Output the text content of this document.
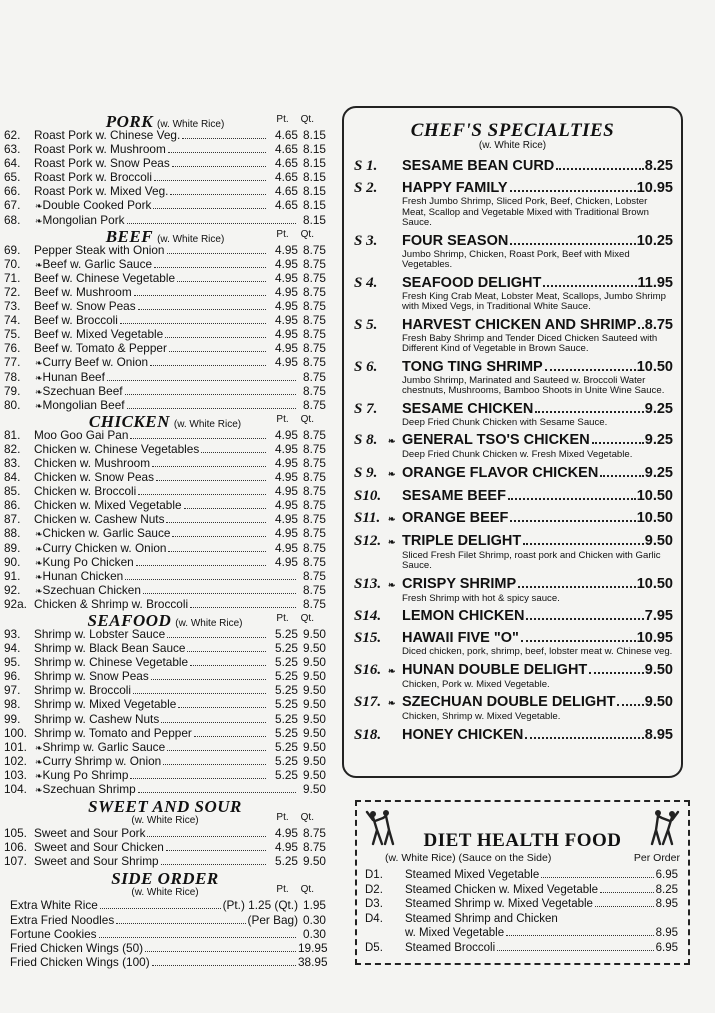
PORK (w. White Rice)	Pt. Qt.
62.	Roast Pork w. Chinese Veg.	4.65 8.15
63.	Roast Pork w. Mushroom	4.65 8.15
64.	Roast Pork w. Snow Peas	4.65 8.15
65.	Roast Pork w. Broccoli	4.65 8.15
66.	Roast Pork w. Mixed Veg.	4.65 8.15
67.	❧ Double Cooked Pork	4.65 8.15
68.	❧ Mongolian Pork	8.15
BEEF (w. White Rice)	Pt. Qt.
69.	Pepper Steak with Onion	4.95 8.75
70.	❧ Beef w. Garlic Sauce	4.95 8.75
71.	Beef w. Chinese Vegetable	4.95 8.75
72.	Beef w. Mushroom	4.95 8.75
73.	Beef w. Snow Peas	4.95 8.75
74.	Beef w. Broccoli	4.95 8.75
75.	Beef w. Mixed Vegetable	4.95 8.75
76.	Beef w. Tomato & Pepper	4.95 8.75
77.	❧ Curry Beef w. Onion	4.95 8.75
78.	❧ Hunan Beef	8.75
79.	❧ Szechuan Beef	8.75
80.	❧ Mongolian Beef	8.75
CHICKEN (w. White Rice)	Pt. Qt.
81.	Moo Goo Gai Pan	4.95 8.75
82.	Chicken w. Chinese Vegetables	4.95 8.75
83.	Chicken w. Mushroom	4.95 8.75
84.	Chicken w. Snow Peas	4.95 8.75
85.	Chicken w. Broccoli	4.95 8.75
86.	Chicken w. Mixed Vegetable	4.95 8.75
87.	Chicken w. Cashew Nuts	4.95 8.75
88.	❧ Chicken w. Garlic Sauce	4.95 8.75
89.	❧ Curry Chicken w. Onion	4.95 8.75
90.	❧ Kung Po Chicken	4.95 8.75
91.	❧ Hunan Chicken	8.75
92.	❧ Szechuan Chicken	8.75
92a. Chicken & Shrimp w. Broccoli	8.75
SEAFOOD (w. White Rice)	Pt. Qt.
93.	Shrimp w. Lobster Sauce	5.25 9.50
94.	Shrimp w. Black Bean Sauce	5.25 9.50
95.	Shrimp w. Chinese Vegetable	5.25 9.50
96.	Shrimp w. Snow Peas	5.25 9.50
97.	Shrimp w. Broccoli	5.25 9.50
98.	Shrimp w. Mixed Vegetable	5.25 9.50
99.	Shrimp w. Cashew Nuts	5.25 9.50
100. Shrimp w. Tomato and Pepper	5.25 9.50
101. ❧ Shrimp w. Garlic Sauce	5.25 9.50
102. ❧ Curry Shrimp w. Onion	5.25 9.50
103. ❧ Kung Po Shrimp	5.25 9.50
104. ❧ Szechuan Shrimp	9.50
SWEET AND SOUR
(w. White Rice)	Pt. Qt.
105. Sweet and Sour Pork	4.95 8.75
106. Sweet and Sour Chicken	4.95 8.75
107. Sweet and Sour Shrimp	5.25 9.50
SIDE ORDER
(w. White Rice)	Pt. Qt.
Extra White Rice	(Pt.) 1.25 (Qt.) 1.95
Extra Fried Noodles	(Per Bag) 0.30
Fortune Cookies	0.30
Fried Chicken Wings (50)	19.95
Fried Chicken Wings (100)	38.95
CHEF'S SPECIALTIES
(w. White Rice)
S 1.	SESAME BEAN CURD	8.25
S 2.	HAPPY FAMILY	10.95
Fresh Jumbo Shrimp, Sliced Pork, Beef, Chicken, Lobster Meat, Scallop and Vegetable Mixed with Traditional Brown Sauce.
S 3.	FOUR SEASON	10.25
Jumbo Shrimp, Chicken, Roast Pork, Beef with Mixed Vegetables.
S 4.	SEAFOOD DELIGHT	11.95
Fresh King Crab Meat, Lobster Meat, Scallops, Jumbo Shrimp with Mixed Vegs, in Traditional White Sauce.
S 5.	HARVEST CHICKEN AND SHRIMP 8.75
Fresh Baby Shrimp and Tender Diced Chicken Sauteed with Different Kind of Vegetable in Brown Sauce.
S 6.	TONG TING SHRIMP	10.50
Jumbo Shrimp, Marinated and Sauteed w. Broccoli Water chestnuts, Mushrooms, Bamboo Shoots in Unite Wine Sauce.
S 7.	SESAME CHICKEN	9.25
Deep Fried Chunk Chicken with Sesame Sauce.
S 8.	❧ GENERAL TSO'S CHICKEN	9.25
Deep Fried Chunk Chicken w. Fresh Mixed Vegetable.
S 9.	❧ ORANGE FLAVOR CHICKEN	9.25
S10.	SESAME BEEF	10.50
S11. ❧ ORANGE BEEF	10.50
S12. ❧ TRIPLE DELIGHT	9.50
Sliced Fresh Filet Shrimp, roast pork and Chicken with Garlic Sauce.
S13. ❧ CRISPY SHRIMP	10.50
Fresh Shrimp with hot & spicy sauce.
S14.	LEMON CHICKEN	7.95
S15.	HAWAII FIVE "O"	10.95
Diced chicken, pork, shrimp, beef, lobster meat w. Chinese veg.
S16. ❧ HUNAN DOUBLE DELIGHT	9.50
Chicken, Pork w. Mixed Vegetable.
S17. ❧ SZECHUAN DOUBLE DELIGHT 9.50
Chicken, Shrimp w. Mixed Vegetable.
S18.	HONEY CHICKEN	8.95
DIET HEALTH FOOD
(w. White Rice) (Sauce on the Side)	Per Order
D1.	Steamed Mixed Vegetable	6.95
D2.	Steamed Chicken w. Mixed Vegetable	8.25
D3.	Steamed Shrimp w. Mixed Vegetable	8.95
D4.	Steamed Shrimp and Chicken
w. Mixed Vegetable	8.95
D5.	Steamed Broccoli	6.95
